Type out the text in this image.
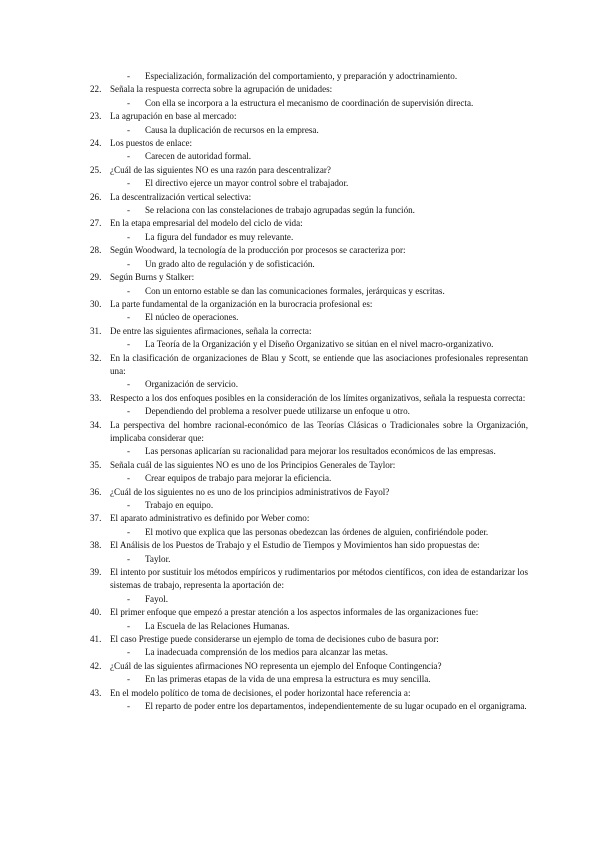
- Especialización, formalización del comportamiento, y preparación y adoctrinamiento.
22. Señala la respuesta correcta sobre la agrupación de unidades:
- Con ella se incorpora a la estructura el mecanismo de coordinación de supervisión directa.
23. La agrupación en base al mercado:
- Causa la duplicación de recursos en la empresa.
24. Los puestos de enlace:
- Carecen de autoridad formal.
25. ¿Cuál de las siguientes NO es una razón para descentralizar?
- El directivo ejerce un mayor control sobre el trabajador.
26. La descentralización vertical selectiva:
- Se relaciona con las constelaciones de trabajo agrupadas según la función.
27. En la etapa empresarial del modelo del ciclo de vida:
- La figura del fundador es muy relevante.
28. Según Woodward, la tecnología de la producción por procesos se caracteriza por:
- Un grado alto de regulación y de sofisticación.
29. Según Burns y Stalker:
- Con un entorno estable se dan las comunicaciones formales, jerárquicas y escritas.
30. La parte fundamental de la organización en la burocracia profesional es:
- El núcleo de operaciones.
31. De entre las siguientes afirmaciones, señala la correcta:
- La Teoría de la Organización y el Diseño Organizativo se sitúan en el nivel macro-organizativo.
32. En la clasificación de organizaciones de Blau y Scott, se entiende que las asociaciones profesionales representan una:
- Organización de servicio.
33. Respecto a los dos enfoques posibles en la consideración de los límites organizativos, señala la respuesta correcta:
- Dependiendo del problema a resolver puede utilizarse un enfoque u otro.
34. La perspectiva del hombre racional-económico de las Teorías Clásicas o Tradicionales sobre la Organización, implicaba considerar que:
- Las personas aplicarían su racionalidad para mejorar los resultados económicos de las empresas.
35. Señala cuál de las siguientes NO es uno de los Principios Generales de Taylor:
- Crear equipos de trabajo para mejorar la eficiencia.
36. ¿Cuál de los siguientes no es uno de los principios administrativos de Fayol?
- Trabajo en equipo.
37. El aparato administrativo es definido por Weber como:
- El motivo que explica que las personas obedezcan las órdenes de alguien, confiriéndole poder.
38. El Análisis de los Puestos de Trabajo y el Estudio de Tiempos y Movimientos han sido propuestas de:
- Taylor.
39. El intento por sustituir los métodos empíricos y rudimentarios por métodos científicos, con idea de estandarizar los sistemas de trabajo, representa la aportación de:
- Fayol.
40. El primer enfoque que empezó a prestar atención a los aspectos informales de las organizaciones fue:
- La Escuela de las Relaciones Humanas.
41. El caso Prestige puede considerarse un ejemplo de toma de decisiones cubo de basura por:
- La inadecuada comprensión de los medios para alcanzar las metas.
42. ¿Cuál de las siguientes afirmaciones NO representa un ejemplo del Enfoque Contingencia?
- En las primeras etapas de la vida de una empresa la estructura es muy sencilla.
43. En el modelo político de toma de decisiones, el poder horizontal hace referencia a:
- El reparto de poder entre los departamentos, independientemente de su lugar ocupado en el organigrama.
